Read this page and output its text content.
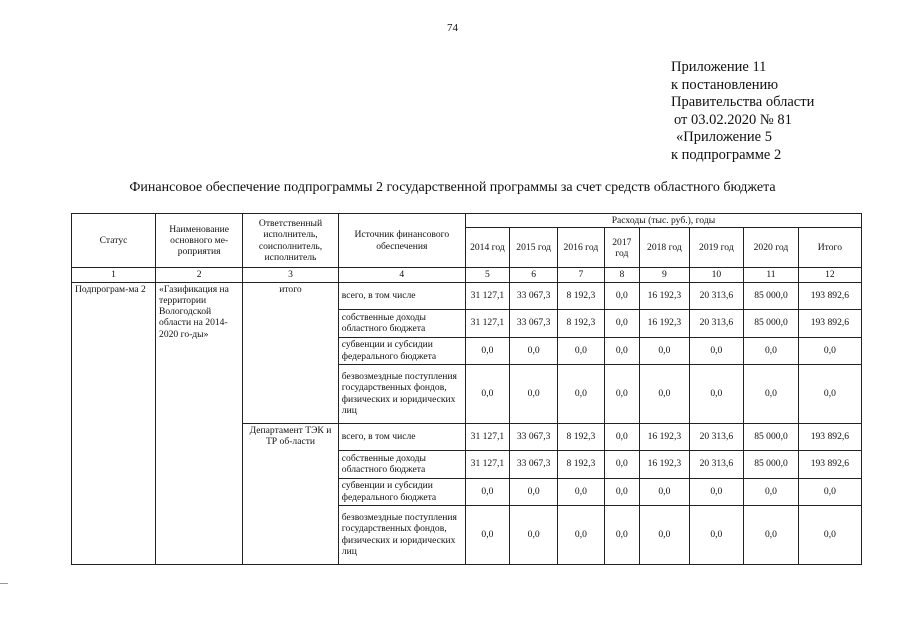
74
Приложение 11
к постановлению
Правительства области
от 03.02.2020 № 81
«Приложение 5
к подпрограмме 2
Финансовое обеспечение подпрограммы 2 государственной программы за счет средств областного бюджета
Статус	Наименование основного ме-роприятия	Ответственный исполнитель, соисполнитель, исполнитель	Источник финансового обеспечения	Расходы (тыс. руб.), годы							
				2014 год	2015 год	2016 год	2017 год	2018 год	2019 год	2020 год	Итого
1	2	3	4	5	6	7	8	9	10	11	12
Подпрограм-ма 2	«Газификация на территории Вологодской области на 2014-2020 го-ды»	итого	всего, в том числе	31 127,1	33 067,3	8 192,3	0,0	16 192,3	20 313,6	85 000,0	193 892,6
			собственные доходы областного бюджета	31 127,1	33 067,3	8 192,3	0,0	16 192,3	20 313,6	85 000,0	193 892,6
			субвенции и субсидии федерального бюджета	0,0	0,0	0,0	0,0	0,0	0,0	0,0	0,0
			безвозмездные поступления государственных фондов, физических и юридических лиц	0,0	0,0	0,0	0,0	0,0	0,0	0,0	0,0
		Департамент ТЭК и ТР об-ласти	всего, в том числе	31 127,1	33 067,3	8 192,3	0,0	16 192,3	20 313,6	85 000,0	193 892,6
			собственные доходы областного бюджета	31 127,1	33 067,3	8 192,3	0,0	16 192,3	20 313,6	85 000,0	193 892,6
			субвенции и субсидии федерального бюджета	0,0	0,0	0,0	0,0	0,0	0,0	0,0	0,0
			безвозмездные поступления государственных фондов, физических и юридических лиц	0,0	0,0	0,0	0,0	0,0	0,0	0,0	0,0
